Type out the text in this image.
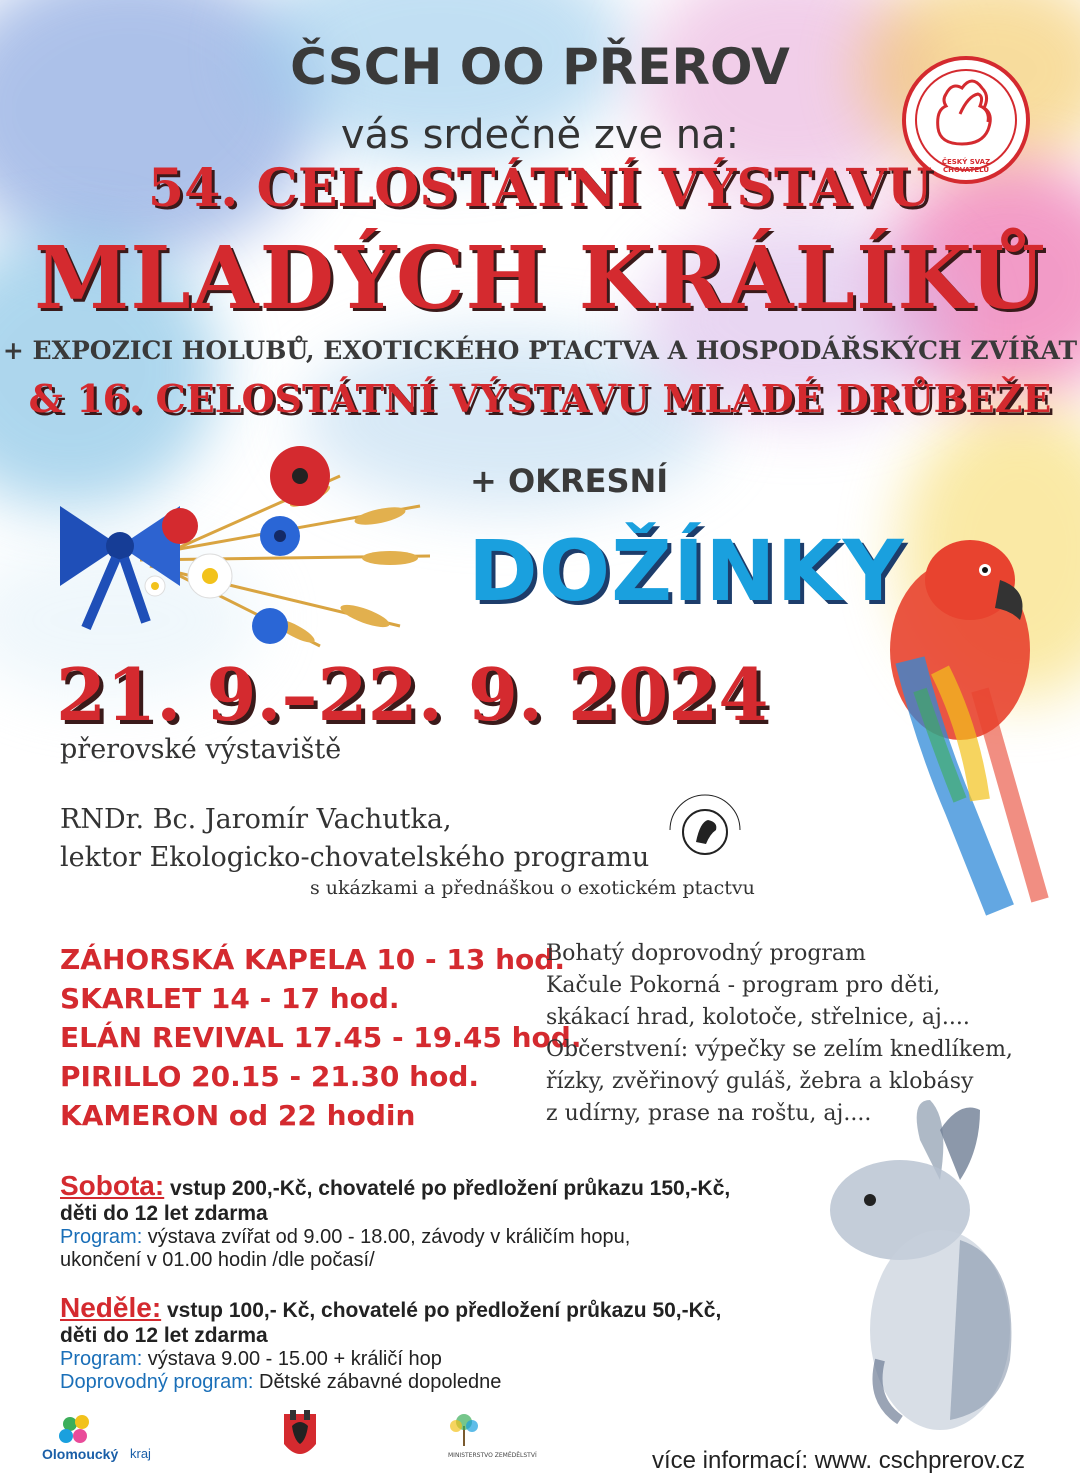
ČESKÝ SVAZ CHOVATELŮ
ČSCH OO PŘEROV
vás srdečně zve na:
54. CELOSTÁTNÍ VÝSTAVU
MLADÝCH KRÁLÍKŮ
+ EXPOZICI HOLUBŮ, EXOTICKÉHO PTACTVA A HOSPODÁŘSKÝCH ZVÍŘAT
& 16. CELOSTÁTNÍ VÝSTAVU MLADÉ DRŮBEŽE
+ OKRESNÍ
DOŽÍNKY
21. 9.–22. 9. 2024
přerovské výstaviště
RNDr. Bc. Jaromír Vachutka,
lektor Ekologicko-chovatelského programu
s ukázkami a přednáškou o exotickém ptactvu
ZÁHORSKÁ KAPELA 10 - 13 hod.
SKARLET 14 - 17 hod.
ELÁN REVIVAL 17.45 - 19.45 hod.
PIRILLO 20.15 - 21.30 hod.
KAMERON od 22 hodin
Bohatý doprovodný program
Kačule Pokorná - program pro děti,
skákací hrad, kolotoče, střelnice, aj....
Občerstvení: výpečky se zelím knedlíkem,
řízky, zvěřinový guláš, žebra a klobásy
z udírny, prase na roštu, aj....
Sobota: vstup 200,-Kč, chovatelé po předložení průkazu 150,-Kč,
děti do 12 let zdarma
Program: výstava zvířat od 9.00 - 18.00, závody v králičím hopu,
ukončení v 01.00 hodin /dle počasí/
Neděle: vstup 100,- Kč, chovatelé po předložení průkazu 50,-Kč,
děti do 12 let zdarma
Program: výstava 9.00 - 15.00 + králičí hop
Doprovodný program: Dětské zábavné dopoledne
Olomoucký kraj	MINISTERSTVO ZEMĚDĚLSTVÍ	více informací: www. cschprerov.cz
